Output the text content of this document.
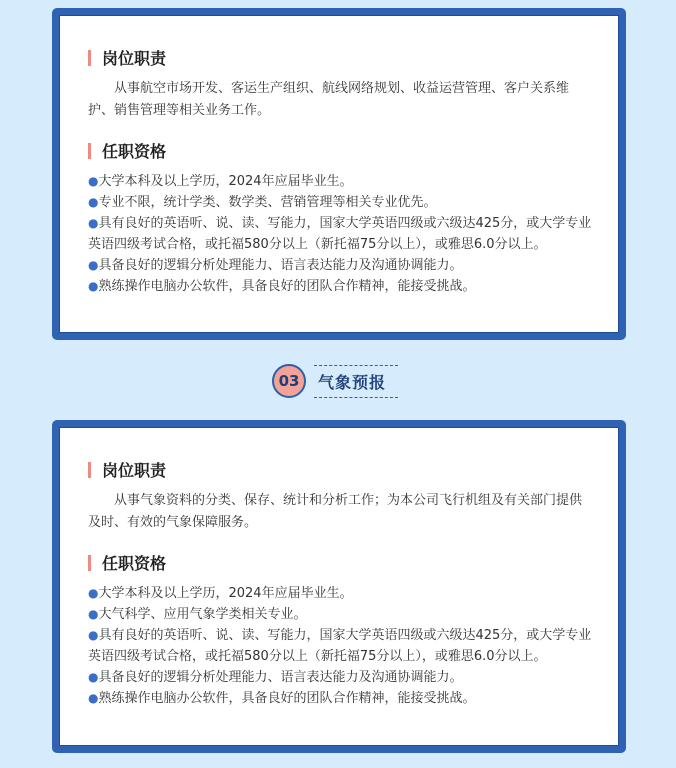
岗位职责

从事航空市场开发、客运生产组织、航线网络规划、收益运营管理、客户关系维护、销售管理等相关业务工作。

任职资格
●大学本科及以上学历，2024年应届毕业生。
●专业不限，统计学类、数学类、营销管理等相关专业优先。
●具有良好的英语听、说、读、写能力，国家大学英语四级或六级达425分，或大学专业英语四级考试合格，或托福580分以上（新托福75分以上），或雅思6.0分以上。
●具备良好的逻辑分析处理能力、语言表达能力及沟通协调能力。
●熟练操作电脑办公软件，具备良好的团队合作精神，能接受挑战。
03	气象预报
岗位职责

从事气象资料的分类、保存、统计和分析工作；为本公司飞行机组及有关部门提供及时、有效的气象保障服务。

任职资格
●大学本科及以上学历，2024年应届毕业生。
●大气科学、应用气象学类相关专业。
●具有良好的英语听、说、读、写能力，国家大学英语四级或六级达425分，或大学专业英语四级考试合格，或托福580分以上（新托福75分以上），或雅思6.0分以上。
●具备良好的逻辑分析处理能力、语言表达能力及沟通协调能力。
●熟练操作电脑办公软件，具备良好的团队合作精神，能接受挑战。
